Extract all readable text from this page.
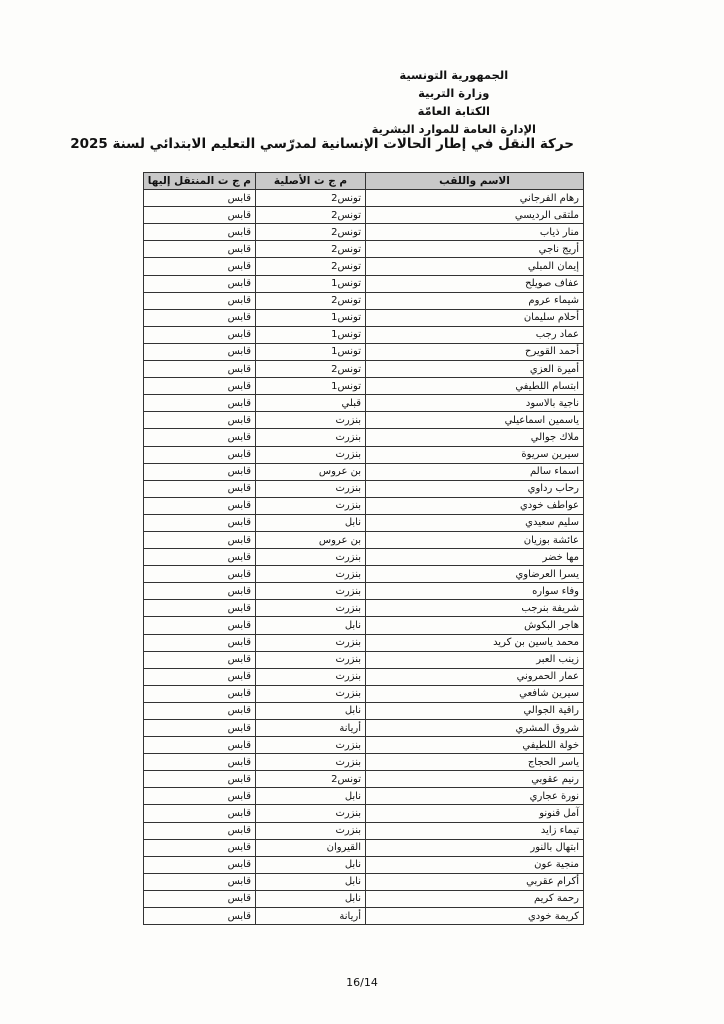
الجمهورية التونسية
وزارة التربية
الكتابة العامّة
الإدارة العامة للموارد البشرية
حركة النقل في إطار الحالات الإنسانية لمدرّسي التعليم الابتدائي لسنة 2025
الاسم واللقب	م ج ت الأصلية	م ج ت المنتقل إليها
رهام الفرجاني	تونس2	قابس
ملتقى الرديسي	تونس2	قابس
منار ذياب	تونس2	قابس
أريج ناجي	تونس2	قابس
إيمان المبلي	تونس2	قابس
عفاف صويلح	تونس1	قابس
شيماء عروم	تونس2	قابس
أحلام سليمان	تونس1	قابس
عماد رجب	تونس1	قابس
أحمد القويرح	تونس1	قابس
أميرة العزي	تونس2	قابس
ابتسام اللطيفي	تونس1	قابس
ناجية بالاسود	قبلي	قابس
ياسمين اسماعيلي	بنزرت	قابس
ملاك جوالي	بنزرت	قابس
سيرين سريوة	بنزرت	قابس
اسماء سالم	بن عروس	قابس
رحاب رداوي	بنزرت	قابس
عواطف خودي	بنزرت	قابس
سليم سعيدي	نابل	قابس
عائشة بوزيان	بن عروس	قابس
مها خضر	بنزرت	قابس
يسرا العرضاوي	بنزرت	قابس
وفاء سواره	بنزرت	قابس
شريفة بنرجب	بنزرت	قابس
هاجر البكوش	نابل	قابس
محمد ياسين بن كريد	بنزرت	قابس
زينب العبر	بنزرت	قابس
عمار الحمروني	بنزرت	قابس
سيرين شافعي	بنزرت	قابس
راقية الجوالي	نابل	قابس
شروق المشري	أريانة	قابس
خولة اللطيفي	بنزرت	قابس
ياسر الحجاج	بنزرت	قابس
رنيم عقوبي	تونس2	قابس
نورة عجاري	نابل	قابس
آمل قنونو	بنزرت	قابس
تيماء زايد	بنزرت	قابس
ابتهال بالنور	القيروان	قابس
منجية عون	نابل	قابس
أكرام عقربي	نابل	قابس
رحمة كريم	نابل	قابس
كريمة خودي	أريانة	قابس
16/14
